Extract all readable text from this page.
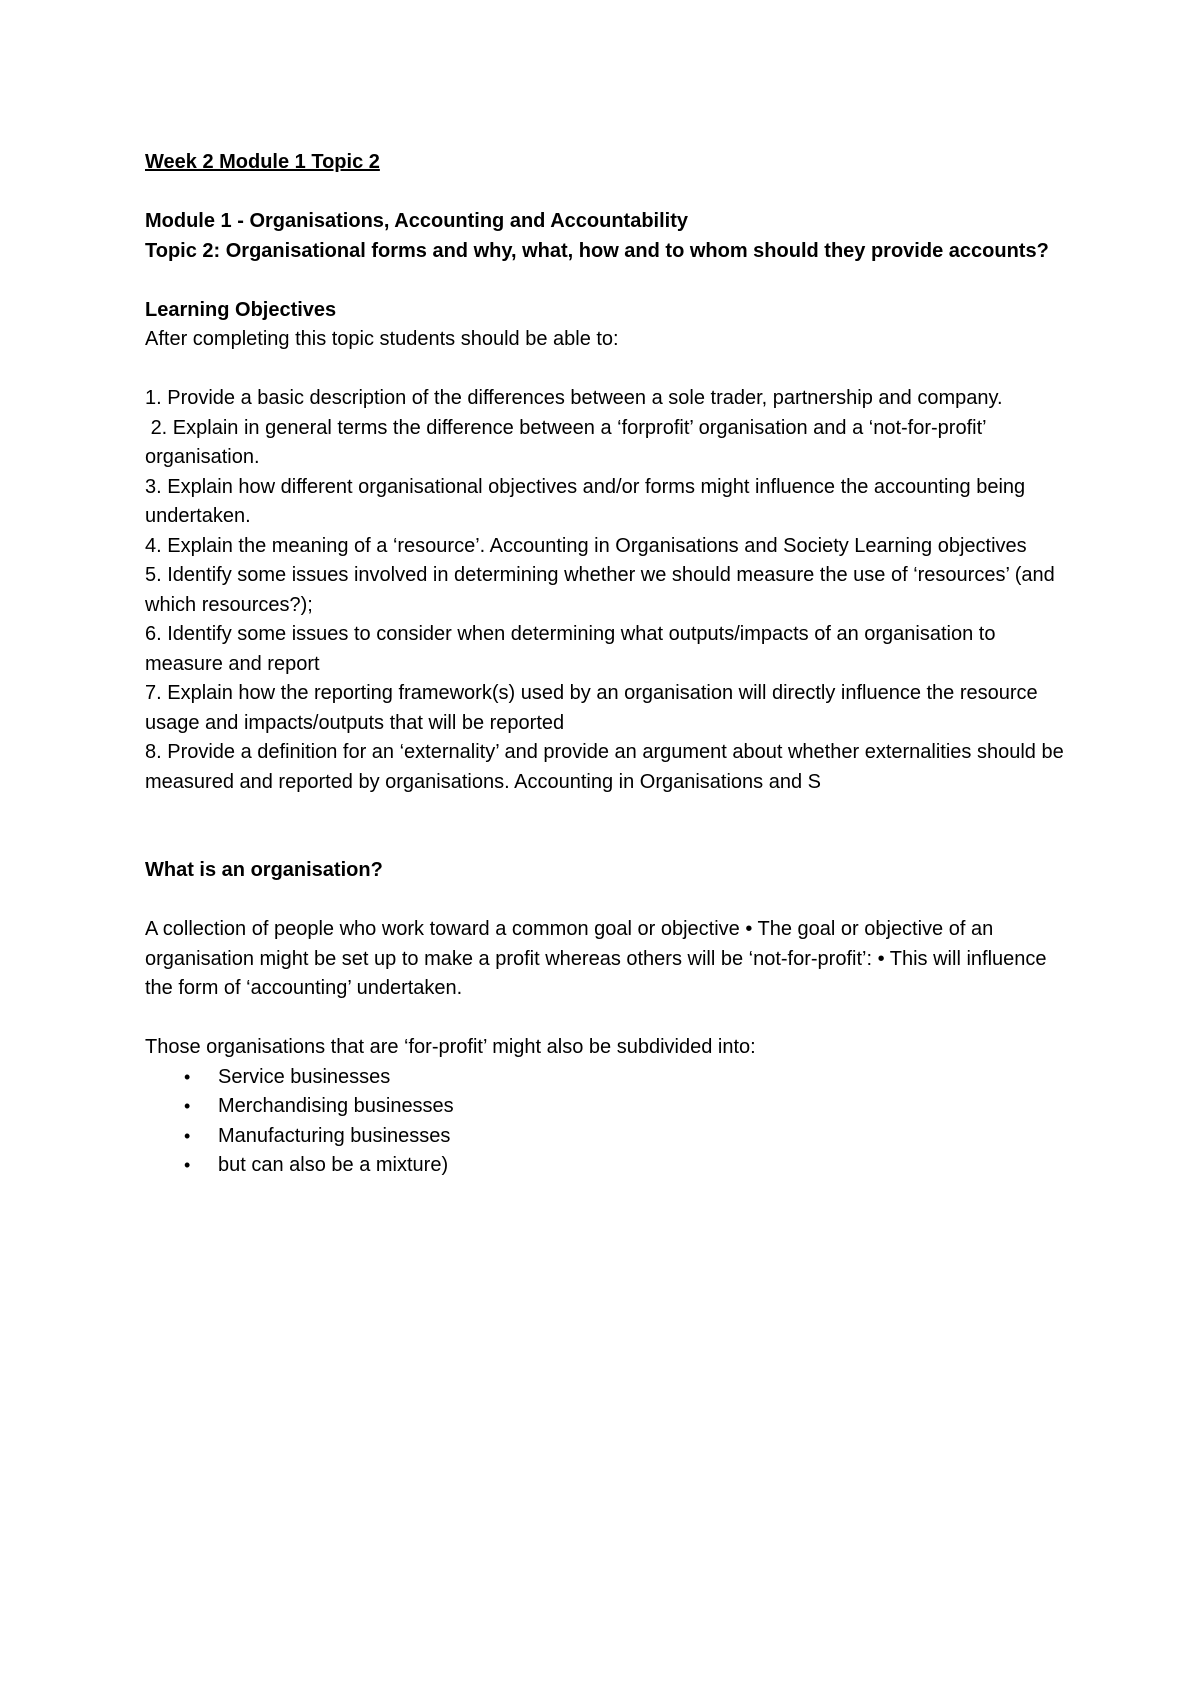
Week 2 Module 1 Topic 2

Module 1 - Organisations, Accounting and Accountability

Topic 2: Organisational forms and why, what, how and to whom should they provide accounts?

Learning Objectives

After completing this topic students should be able to:

1. Provide a basic description of the differences between a sole trader, partnership and company.

2. Explain in general terms the difference between a ‘forprofit’ organisation and a ‘not-for-profit’ organisation.

3. Explain how different organisational objectives and/or forms might influence the accounting being undertaken.

4. Explain the meaning of a ‘resource’. Accounting in Organisations and Society Learning objectives

5. Identify some issues involved in determining whether we should measure the use of ‘resources’ (and which resources?);

6. Identify some issues to consider when determining what outputs/impacts of an organisation to measure and report

7. Explain how the reporting framework(s) used by an organisation will directly influence the resource usage and impacts/outputs that will be reported

8. Provide a definition for an ‘externality’ and provide an argument about whether externalities should be measured and reported by organisations. Accounting in Organisations and S

What is an organisation?

A collection of people who work toward a common goal or objective • The goal or objective of an organisation might be set up to make a profit whereas others will be ‘not-for-profit’: • This will influence the form of ‘accounting’ undertaken.

Those organisations that are ‘for-profit’ might also be subdivided into:

• Service businesses
• Merchandising businesses
• Manufacturing businesses
• but can also be a mixture)
